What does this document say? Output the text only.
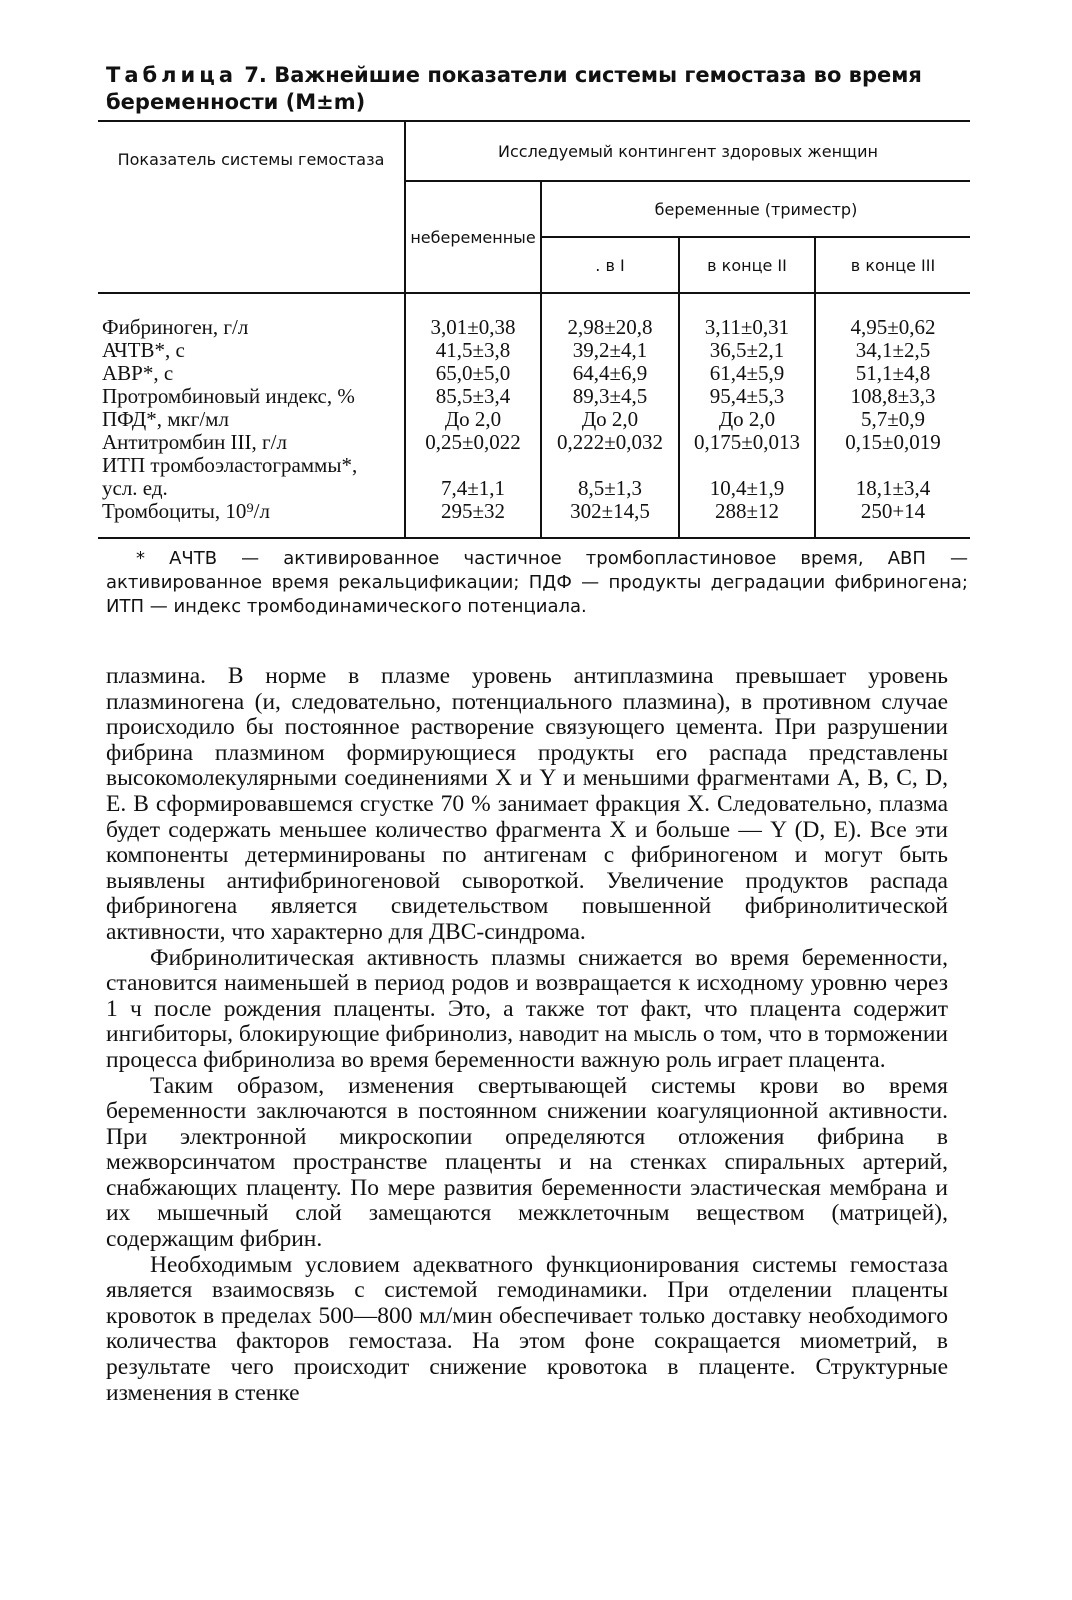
Таблица 7. Важнейшие показатели системы гемостаза во время беременности (M±m)
Показатель системы гемостаза	Исследуемый контингент здоровых женщин			
	небеременные	беременные (триместр)		
		. в I	в конце II	в конце III
Фибриноген, г/л	3,01±0,38	2,98±20,8	3,11±0,31	4,95±0,62
АЧТВ*, с	41,5±3,8	39,2±4,1	36,5±2,1	34,1±2,5
АВР*, с	65,0±5,0	64,4±6,9	61,4±5,9	51,1±4,8
Протромбиновый индекс, %	85,5±3,4	89,3±4,5	95,4±5,3	108,8±3,3
ПФД*, мкг/мл	До 2,0	До 2,0	До 2,0	5,7±0,9
Антитромбин III, г/л	0,25±0,022	0,222±0,032	0,175±0,013	0,15±0,019
ИТП тромбоэластограммы*,				
усл. ед.	7,4±1,1	8,5±1,3	10,4±1,9	18,1±3,4
Тромбоциты, 10⁹/л	295±32	302±14,5	288±12	250+14
* АЧТВ — активированное частичное тромбопластиновое время, АВП — активированное время рекальцификации; ПДФ — продукты деградации фибриногена; ИТП — индекс тромбодинамического потенциала.

плазмина. В норме в плазме уровень антиплазмина превышает уровень плазминогена (и, следовательно, потенциального плазмина), в противном случае происходило бы постоянное растворение связующего цемента. При разрушении фибрина плазмином формирующиеся продукты его распада представлены высокомолекулярными соединениями X и Y и меньшими фрагментами A, B, C, D, E. В сформировавшемся сгустке 70 % занимает фракция X. Следовательно, плазма будет содержать меньшее количество фрагмента X и больше — Y (D, E). Все эти компоненты детерминированы по антигенам с фибриногеном и могут быть выявлены антифибриногеновой сывороткой. Увеличение продуктов распада фибриногена является свидетельством повышенной фибринолитической активности, что характерно для ДВС-синдрома.

Фибринолитическая активность плазмы снижается во время беременности, становится наименьшей в период родов и возвращается к исходному уровню через 1 ч после рождения плаценты. Это, а также тот факт, что плацента содержит ингибиторы, блокирующие фибринолиз, наводит на мысль о том, что в торможении процесса фибринолиза во время беременности важную роль играет плацента.

Таким образом, изменения свертывающей системы крови во время беременности заключаются в постоянном снижении коагуляционной активности. При электронной микроскопии определяются отложения фибрина в межворсинчатом пространстве плаценты и на стенках спиральных артерий, снабжающих плаценту. По мере развития беременности эластическая мембрана и их мышечный слой замещаются межклеточным веществом (матрицей), содержащим фибрин.

Необходимым условием адекватного функционирования системы гемостаза является взаимосвязь с системой гемодинамики. При отделении плаценты кровоток в пределах 500—800 мл/мин обеспечивает только доставку необходимого количества факторов гемостаза. На этом фоне сокращается миометрий, в результате чего происходит снижение кровотока в плаценте. Структурные изменения в стенке
